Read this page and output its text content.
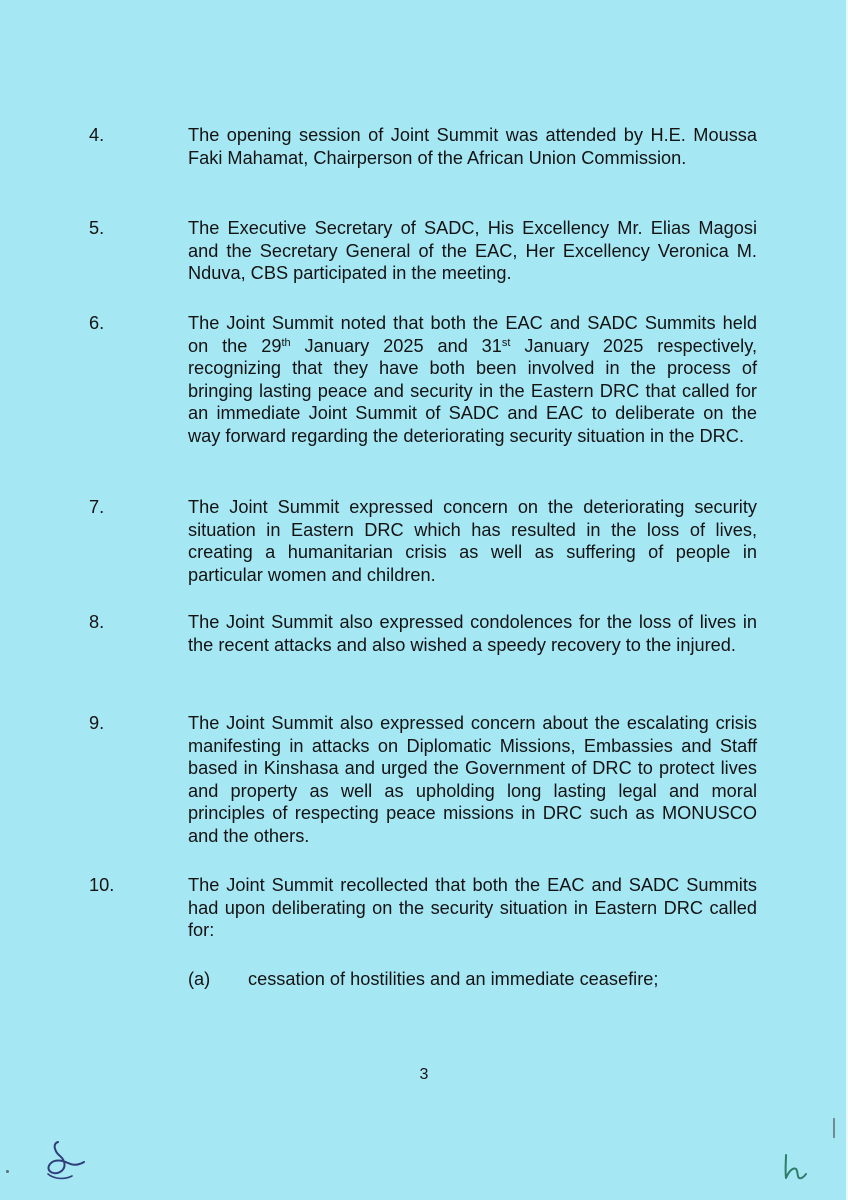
4.	The opening session of Joint Summit was attended by H.E. Moussa Faki Mahamat, Chairperson of the African Union Commission.

5.	The Executive Secretary of SADC, His Excellency Mr. Elias Magosi and the Secretary General of the EAC, Her Excellency Veronica M. Nduva, CBS participated in the meeting.

6.	The Joint Summit noted that both the EAC and SADC Summits held on the 29th January 2025 and 31st January 2025 respectively, recognizing that they have both been involved in the process of bringing lasting peace and security in the Eastern DRC that called for an immediate Joint Summit of SADC and EAC to deliberate on the way forward regarding the deteriorating security situation in the DRC.

7.	The Joint Summit expressed concern on the deteriorating security situation in Eastern DRC which has resulted in the loss of lives, creating a humanitarian crisis as well as suffering of people in particular women and children.

8.	The Joint Summit also expressed condolences for the loss of lives in the recent attacks and also wished a speedy recovery to the injured.

9.	The Joint Summit also expressed concern about the escalating crisis manifesting in attacks on Diplomatic Missions, Embassies and Staff based in Kinshasa and urged the Government of DRC to protect lives and property as well as upholding long lasting legal and moral principles of respecting peace missions in DRC such as MONUSCO and the others.

10.	The Joint Summit recollected that both the EAC and SADC Summits had upon deliberating on the security situation in Eastern DRC called for:

(a) cessation of hostilities and an immediate ceasefire;
3
